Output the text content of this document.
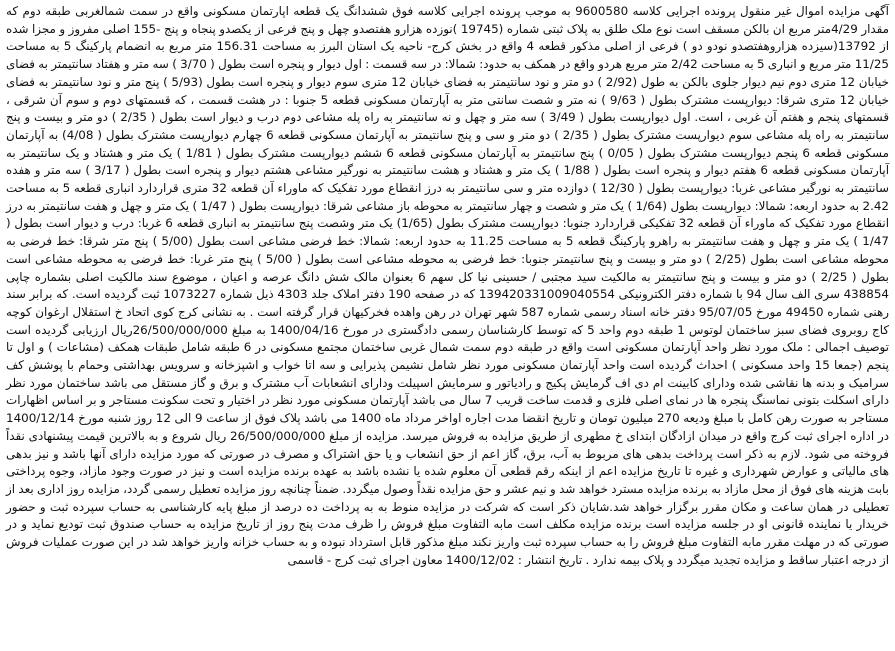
آگهی مزایده اموال غیر منقول پرونده اجرایی کلاسه 9600580 به موجب پرونده اجرایی کلاسه فوق ششدانگ یک قطعه اپارتمان مسکونی واقع در سمت شمالغربی طبقه دوم که مقدار 4/29متر مربع ان بالکن مسقف است نوع ملک طلق به پلاک ثبتی شماره (19745 )نوزده هزارو هفتصدو چهل و پنج فرعی از یکصدو پنجاه و پنج -155 اصلی مفروز و مجزا شده از 13792(سیزده هزاروهفتصدو نودو دو ) فرعی از اصلی مذکور قطعه 4 واقع در بخش کرج- ناحیه یک استان البرز به مساحت 156.31 متر مربع به انضمام پارکینگ 5 به مساحت 11/25 متر مربع و انباری 5 به مساحت 2/42 متر مربع هردو واقع در همکف به حدود: شمالا: در سه قسمت : اول دیوار و پنجره است بطول ( 3/70 ) سه متر و هفتاد سانتیمتر به فضای خیابان 12 متری دوم نیم دیوار جلوی بالکن به طول (2/92 ) دو متر و نود سانتیمتر به فضای خیابان 12 متری سوم دیوار و پنجره است بطول (5/93 ) پنج متر و نود سانتیمتر به فضای خیابان 12 متری شرقا: دیوارپست مشترک بطول ( 9/63 ) نه متر و شصت سانتی متر به آپارتمان مسکونی قطعه 5 جنوبا : در هشت قسمت ، که قسمتهای دوم و سوم آن شرقی ، قسمتهای پنجم و هفتم آن غربی ، است. اول دیوارپست بطول ( 3/49 ) سه متر و چهل و نه سانتیمتر به راه پله مشاعی دوم درب و دیوار است بطول ( 2/35 ) دو متر و بیست و پنج سانتیمتر به راه پله مشاعی سوم دیوارپست مشترک بطول ( 2/35 ) دو متر و سی و پنج سانتیمتر به آپارتمان مسکونی قطعه 6 چهارم دیوارپست مشترک بطول ( 4/08) به آپارتمان مسکونی قطعه 6 پنجم دیوارپست مشترک بطول ( 0/05 ) پنج سانتیمتر به آپارتمان مسکونی قطعه 6 ششم دیوارپست مشترک بطول ( 1/81 ) یک متر و هشتاد و یک سانتیمتر به آپارتمان مسکونی قطعه 6 هفتم دیوار و پنجره است بطول ( 1/88 ) یک متر و هشتاد و هشت سانتیمتر به نورگیر مشاعی هشتم دیوار و پنجره است بطول ( 3/17 ) سه متر و هفده سانتیمتر به نورگیر مشاعی غربا: دیوارپست بطول ( 12/30 ) دوازده متر و سی سانتیمتر به درز انقطاع مورد تفکیک که ماوراء آن قطعه 32 متری قراردارد انباری قطعه 5 به مساحت 2.42 به حدود اربعه: شمالا: دیوارپست بطول (1/64 ) یک متر و شصت و چهار سانتیمتر به محوطه باز مشاعی شرقا: دیوارپست بطول ( 1/47 ) یک متر و چهل و هفت سانتیمتر به درز انقطاع مورد تفکیک که ماوراء آن قطعه 32 تفکیکی قراردارد جنوبا: دیوارپست مشترک بطول (1/65) یک متر وشصت پنج سانتیمتر به انباری قطعه 6 غربا: درب و دیوار است بطول ( 1/47 ) یک متر و چهل و هفت سانتیمتر به راهرو پارکینگ قطعه 5 به مساحت 11.25 به حدود اربعه: شمالا: خط فرضی مشاعی است بطول (5/00 ) پنج متر شرقا: خط فرضی به محوطه مشاعی است بطول (2/25 ) دو متر و بیست و پنج سانتیمتر جنوبا: خط فرضی به محوطه مشاعی است بطول ( 5/00 ) پنج متر غربا: خط فرضی به محوطه مشاعی است بطول ( 2/25 ) دو متر و بیست و پنج سانتیمتر به مالکیت سید مجتبی / حسینی نیا کل سهم 6 بعنوان مالک شش دانگ عرصه و اعیان ، موضوع سند مالکیت اصلی بشماره چاپی 438854 سری الف سال 94 با شماره دفتر الکترونیکی 139420331009040554 که در صفحه 190 دفتر املاک جلد 4303 ذیل شماره 1073227 ثبت گردیده است. که برابر سند رهنی شماره 49450 مورخ 95/07/05 دفتر خانه اسناد رسمی شماره 587 شهر تهران در رهن واهده فخرکیهان قرار گرفته است . به نشانی کرج کوی اتحاد خ استقلال ارغوان کوچه کاج روبروی فضای سبز ساختمان لوتوس 1 طبقه دوم واحد 5 که توسط کارشناسان رسمی دادگستری در مورخ 1400/04/16 به مبلغ 26/500/000/000ریال ارزیابی گردیده است توصیف اجمالی : ملک مورد نظر واحد آپارتمان مسکونی است واقع در طبقه دوم سمت شمال غربی ساختمان مجتمع مسکونی در 6 طبقه شامل طبقات همکف (مشاعات ) و اول تا پنجم (جمعا 15 واحد مسکونی ) احداث گردیده است واحد آپارتمان مسکونی مورد نظر شامل نشیمن پذیرایی و سه اتا خواب و اشپزخانه و سرویس بهداشتی وحمام با پوشش کف سرامیک و بدنه ها نقاشی شده ودارای کابینت ام دی اف گرمایش پکیج و رادیاتور و سرمایش اسپیلت ودارای انشعابات آب مشترک و برق و گاز مستقل می باشد ساختمان مورد نظر دارای اسکلت بتونی نماسنگ پنجره ها در نمای اصلی فلزی و قدمت ساخت قریب 7 سال می باشد آپارتمان مسکونی مورد نظر در اختیار و تحت سکونت مستاجر و بر اساس اظهارات مستاجر به صورت رهن کامل با مبلغ ودیعه 270 میلیون تومان و تاریخ انقضا مدت اجاره اواخر مرداد ماه 1400 می باشد پلاک فوق از ساعت 9 الی 12 روز شنبه مورخ 1400/12/14 در اداره اجرای ثبت کرج واقع در میدان ازادگان ابتدای خ مطهری از طریق مزایده به فروش میرسد. مزایده از مبلغ 26/500/000/000 ریال شروع و به بالاترین قیمت پیشنهادی نقداً فروخته می شود. لازم به ذکر است پرداخت بدهی های مربوط به آب، برق، گاز اعم از حق انشعاب و یا حق اشتراک و مصرف در صورتی که مورد مزایده دارای آنها باشد و نیز بدهی های مالیاتی و عوارض شهرداری و غیره تا تاریخ مزایده اعم از اینکه رقم قطعی آن معلوم شده یا نشده باشد به عهده برنده مزایده است و نیز در صورت وجود مازاد، وجوه پرداختی بابت هزینه های فوق از محل مازاد به برنده مزایده مسترد خواهد شد و نیم عشر و حق مزایده نقداً وصول میگردد. ضمناً چنانچه روز مزایده تعطیل رسمی گردد، مزایده روز اداری بعد از تعطیلی در همان ساعت و مکان مقرر برگزار خواهد شد.شایان ذکر است که شرکت در مزایده منوط به به پرداخت ده درصد از مبلغ پایه کارشناسی به حساب سپرده ثبت و حضور خریدار یا نماینده قانونی او در جلسه مزایده است برنده مزایده مکلف است مابه التفاوت مبلغ فروش را ظرف مدت پنج روز از تاریخ مزایده به حساب صندوق ثبت تودیع نماید و در صورتی که در مهلت مقرر مابه التفاوت مبلغ فروش را به حساب سپرده ثبت واریز نکند مبلغ مذکور قابل استرداد نبوده و به حساب خزانه واریز خواهد شد در این صورت عملیات فروش از درجه اعتبار ساقط و مزایده تجدید میگردد و پلاک بیمه ندارد . تاریخ انتشار : 1400/12/02 معاون اجرای ثبت کرج - قاسمی
